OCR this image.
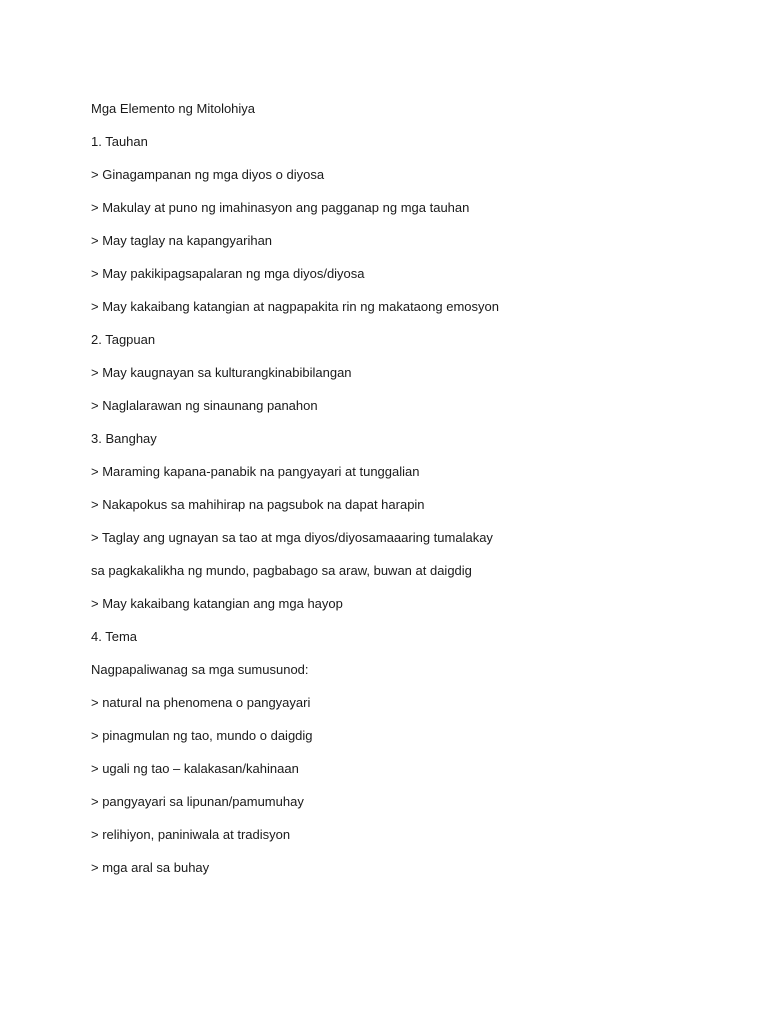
Mga Elemento ng Mitolohiya
1. Tauhan
> Ginagampanan ng mga diyos o diyosa
> Makulay at puno ng imahinasyon ang pagganap ng mga tauhan
> May taglay na kapangyarihan
> May pakikipagsapalaran ng mga diyos/diyosa
> May kakaibang katangian at nagpapakita rin ng makataong emosyon
2. Tagpuan
> May kaugnayan sa kulturangkinabibilangan
> Naglalarawan ng sinaunang panahon
3. Banghay
> Maraming kapana-panabik na pangyayari at tunggalian
> Nakapokus sa mahihirap na pagsubok na dapat harapin
> Taglay ang ugnayan sa tao at mga diyos/diyosamaaaring tumalakay
sa pagkakalikha ng mundo, pagbabago sa araw, buwan at daigdig
> May kakaibang katangian ang mga hayop
4. Tema
Nagpapaliwanag sa mga sumusunod:
> natural na phenomena o pangyayari
> pinagmulan ng tao, mundo o daigdig
> ugali ng tao – kalakasan/kahinaan
> pangyayari sa lipunan/pamumuhay
> relihiyon, paniniwala at tradisyon
> mga aral sa buhay
